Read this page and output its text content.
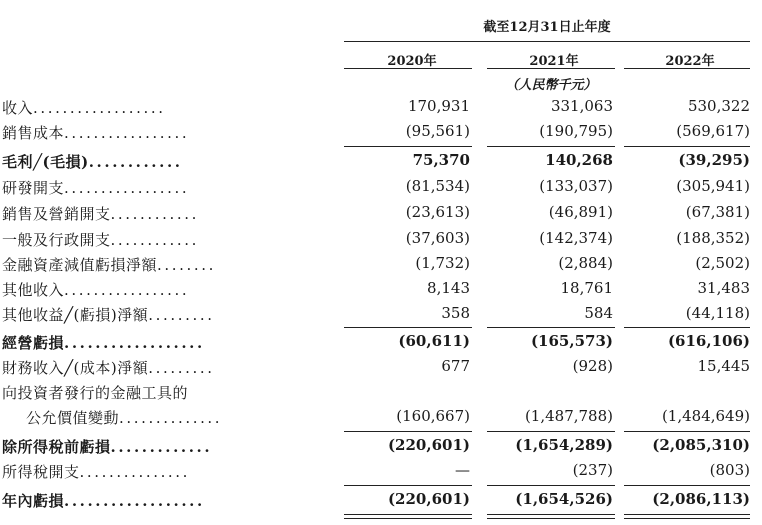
截至12月31日止年度
2020年	2021年	2022年
（人民幣千元）
收入..................	170,931	331,063	530,322
銷售成本.................	(95,561)	(190,795)	(569,617)
毛利╱(毛損)............	75,370	140,268	(39,295)
研發開支.................	(81,534)	(133,037)	(305,941)
銷售及營銷開支............	(23,613)	(46,891)	(67,381)
一般及行政開支............	(37,603)	(142,374)	(188,352)
金融資產減值虧損淨額........	(1,732)	(2,884)	(2,502)
其他收入.................	8,143	18,761	31,483
其他收益╱(虧損)淨額.........	358	584	(44,118)
經營虧損..................	(60,611)	(165,573)	(616,106)
財務收入╱(成本)淨額.........	677	(928)	15,445
向投資者發行的金融工具的
公允價值變動..............	(160,667)	(1,487,788)	(1,484,649)
除所得稅前虧損.............	(220,601)	(1,654,289)	(2,085,310)
所得稅開支...............	—	(237)	(803)
年內虧損..................	(220,601)	(1,654,526)	(2,086,113)
